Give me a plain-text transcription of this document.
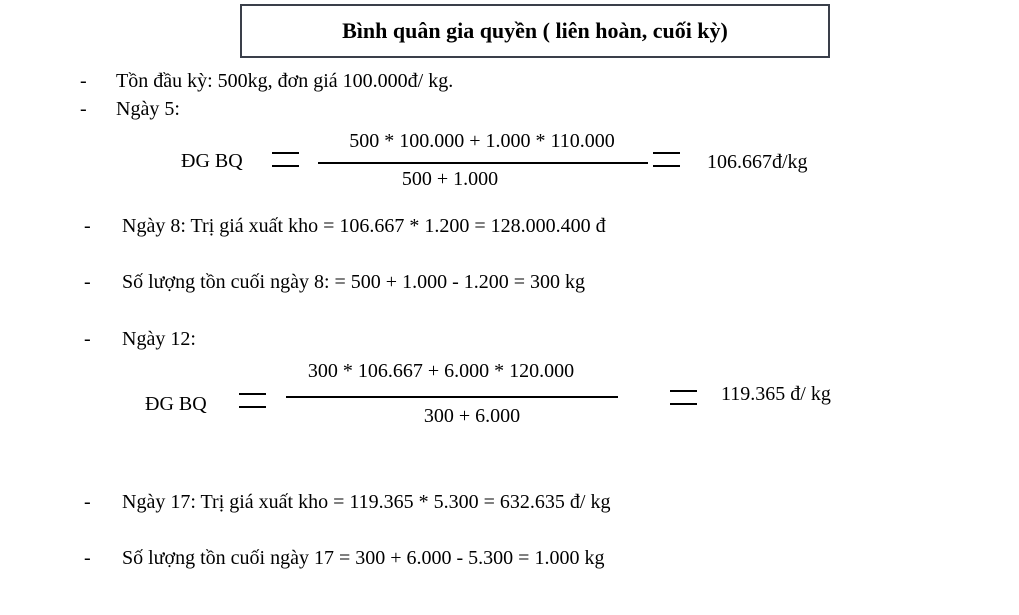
Bình quân gia quyền ( liên hoàn, cuối kỳ)
- Tồn đầu kỳ: 500kg, đơn giá 100.000đ/ kg.
- Ngày 5:
ĐG BQ
500 * 100.000 + 1.000 * 110.000
500 + 1.000
106.667đ/kg
- Ngày 8: Trị giá xuất kho = 106.667 * 1.200 = 128.000.400 đ
- Số lượng tồn cuối ngày 8: = 500 + 1.000 - 1.200 = 300 kg
- Ngày 12:
ĐG BQ
300 * 106.667 + 6.000 * 120.000
300 + 6.000
119.365 đ/ kg
- Ngày 17: Trị giá xuất kho = 119.365 * 5.300 = 632.635 đ/ kg
- Số lượng tồn cuối ngày 17 = 300 + 6.000 - 5.300 = 1.000 kg
